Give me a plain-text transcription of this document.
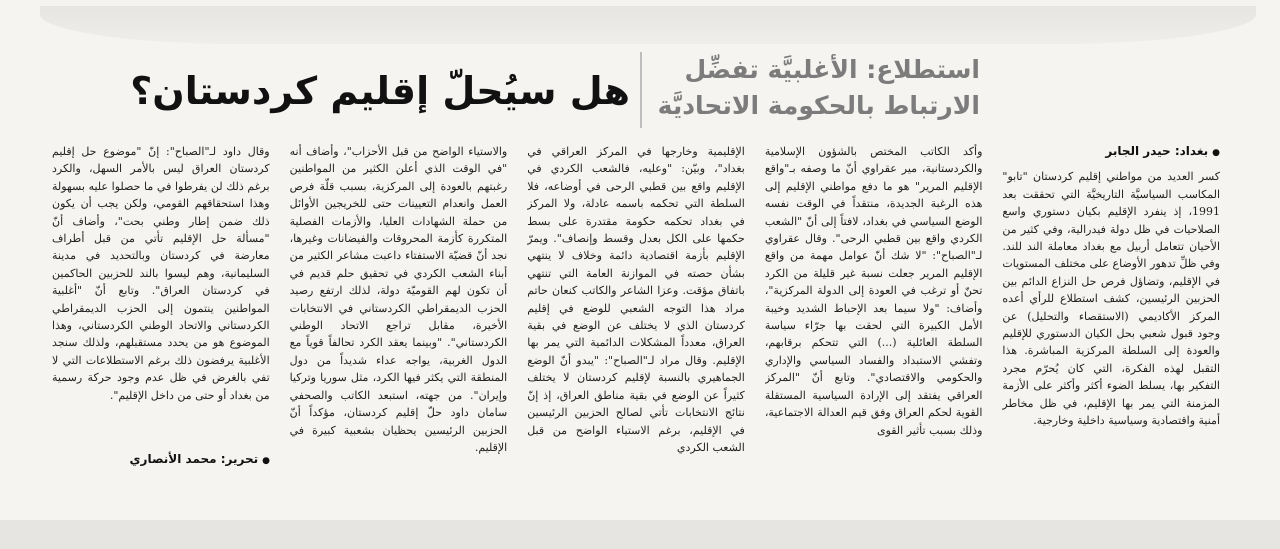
استطلاع: الأغلبيَّة تفضِّل الارتباط بالحكومة الاتحاديَّة
هل سيُحلّ إقليم كردستان؟
●بغداد: حيدر الجابر

كسر العديد من مواطني إقليم كردستان "تابو" المكاسب السياسيَّة التاريخيَّة التي تحققت بعد 1991، إذ ينفرد الإقليم بكيان دستوري واسع الصلاحيات في ظل دولة فيدرالية، وفي كثير من الأحيان تتعامل أربيل مع بغداد معاملة الند للند. وفي ظلِّ تدهور الأوضاع على مختلف المستويات في الإقليم، وتضاؤل فرص حل النزاع الدائم بين الحزبين الرئيسين، كشف استطلاع للرأي أعده المركز الأكاديمي (الاستقصاء والتحليل) عن وجود قبول شعبي بحل الكيان الدستوري للإقليم والعودة إلى السلطة المركزية المباشرة. هذا التقبل لهذه الفكرة، التي كان يُحرّم مجرد التفكير بها، يسلط الضوء أكثر وأكثر على الأزمة المزمنة التي يمر بها الإقليم، في ظل مخاطر أمنية واقتصادية وسياسية داخلية وخارجية.

وأكد الكاتب المختص بالشؤون الإسلامية والكردستانية، مير عقراوي أنّ ما وصفه بـ"واقع الإقليم المرير" هو ما دفع مواطني الإقليم إلى هذه الرغبة الجديدة، منتقداً في الوقت نفسه الوضع السياسي في بغداد، لافتاً إلى أنّ "الشعب الكردي واقع بين قطبي الرحى". وقال عقراوي لـ"الصباح": "لا شك أنّ عوامل مهمة من واقع الإقليم المرير جعلت نسبة غير قليلة من الكرد تحنّ أو ترغب في العودة إلى الدولة المركزية"، وأضاف: "ولا سيما بعد الإحباط الشديد وخيبة الأمل الكبيرة التي لحقت بها جرّاء سياسة السلطة العائلية (...) التي تتحكم برقابهم، وتفشي الاستبداد والفساد السياسي والإداري والحكومي والاقتصادي". وتابع أنّ "المركز العراقي يفتقد إلى الإرادة السياسية المستقلة القوية لحكم العراق وفق قيم العدالة الاجتماعية، وذلك بسبب تأثير القوى

الإقليمية وخارجها في المركز العراقي في بغداد"، وبيّن: "وعليه، فالشعب الكردي في الإقليم واقع بين قطبي الرحى في أوضاعه، فلا السلطة التي تحكمه باسمه عادلة، ولا المركز في بغداد تحكمه حكومة مقتدرة على بسط حكمها على الكل بعدل وقسط وإنصاف". ويمرّ الإقليم بأزمة اقتصادية دائمة وخلاف لا ينتهي بشأن حصته في الموازنة العامة التي تنتهي باتفاق مؤقت. وعزا الشاعر والكاتب كنعان حاتم مراد هذا التوجه الشعبي للوضع في إقليم كردستان الذي لا يختلف عن الوضع في بقية العراق، معدداً المشكلات الدائمية التي يمر بها الإقليم. وقال مراد لـ"الصباح": "يبدو أنّ الوضع الجماهيري بالنسبة لإقليم كردستان لا يختلف كثيراً عن الوضع في بقية مناطق العراق، إذ إنّ نتائج الانتخابات تأتي لصالح الحزبين الرئيسين في الإقليم، برغم الاستياء الواضح من قبل الشعب الكردي

والاستياء الواضح من قبل الأحزاب"، وأضاف أنه "في الوقت الذي أعلن الكثير من المواطنين رغبتهم بالعودة إلى المركزية، بسبب قلّة فرص العمل وانعدام التعيينات حتى للخريجين الأوائل من حملة الشهادات العليا، والأزمات الفصلية المتكررة كأزمة المحروقات والفيضانات وغيرها، نجد أنّ قضيّة الاستفتاء داعبت مشاعر الكثير من أبناء الشعب الكردي في تحقيق حلم قديم في أن تكون لهم القوميّة دولة، لذلك ارتفع رصيد الحزب الديمقراطي الكردستاني في الانتخابات الأخيرة، مقابل تراجع الاتحاد الوطني الكردستاني". "وبينما يعقد الكرد تحالفاً قوياً مع الدول الغربية، يواجه عداء شديداً من دول المنطقة التي يكثر فيها الكرد، مثل سوريا وتركيا وإيران". من جهته، استبعد الكاتب والصحفي سامان داود حلّ إقليم كردستان، مؤكداً أنّ الحزبين الرئيسين يحظيان بشعبية كبيرة في الإقليم.

وقال داود لـ"الصباح": إنّ "موضوع حل إقليم كردستان العراق ليس بالأمر السهل، والكرد برغم ذلك لن يفرطوا في ما حصلوا عليه بسهولة وهذا استحقاقهم القومي، ولكن يجب أن يكون ذلك ضمن إطار وطني بحت"، وأضاف أنّ "مسألة حل الإقليم تأتي من قبل أطراف معارضة في كردستان وبالتحديد في مدينة السليمانية، وهم ليسوا بالند للحزبين الحاكمين في كردستان العراق". وتابع أنّ "أغلبية المواطنين ينتمون إلى الحزب الديمقراطي الكردستاني والاتحاد الوطني الكردستاني، وهذا الموضوع هو من يحدد مستقبلهم، ولذلك سنجد الأغلبية يرفضون ذلك برغم الاستطلاعات التي لا تفي بالغرض في ظل عدم وجود حركة رسمية من بغداد أو حتى من داخل الإقليم".

●تحرير: محمد الأنصاري
